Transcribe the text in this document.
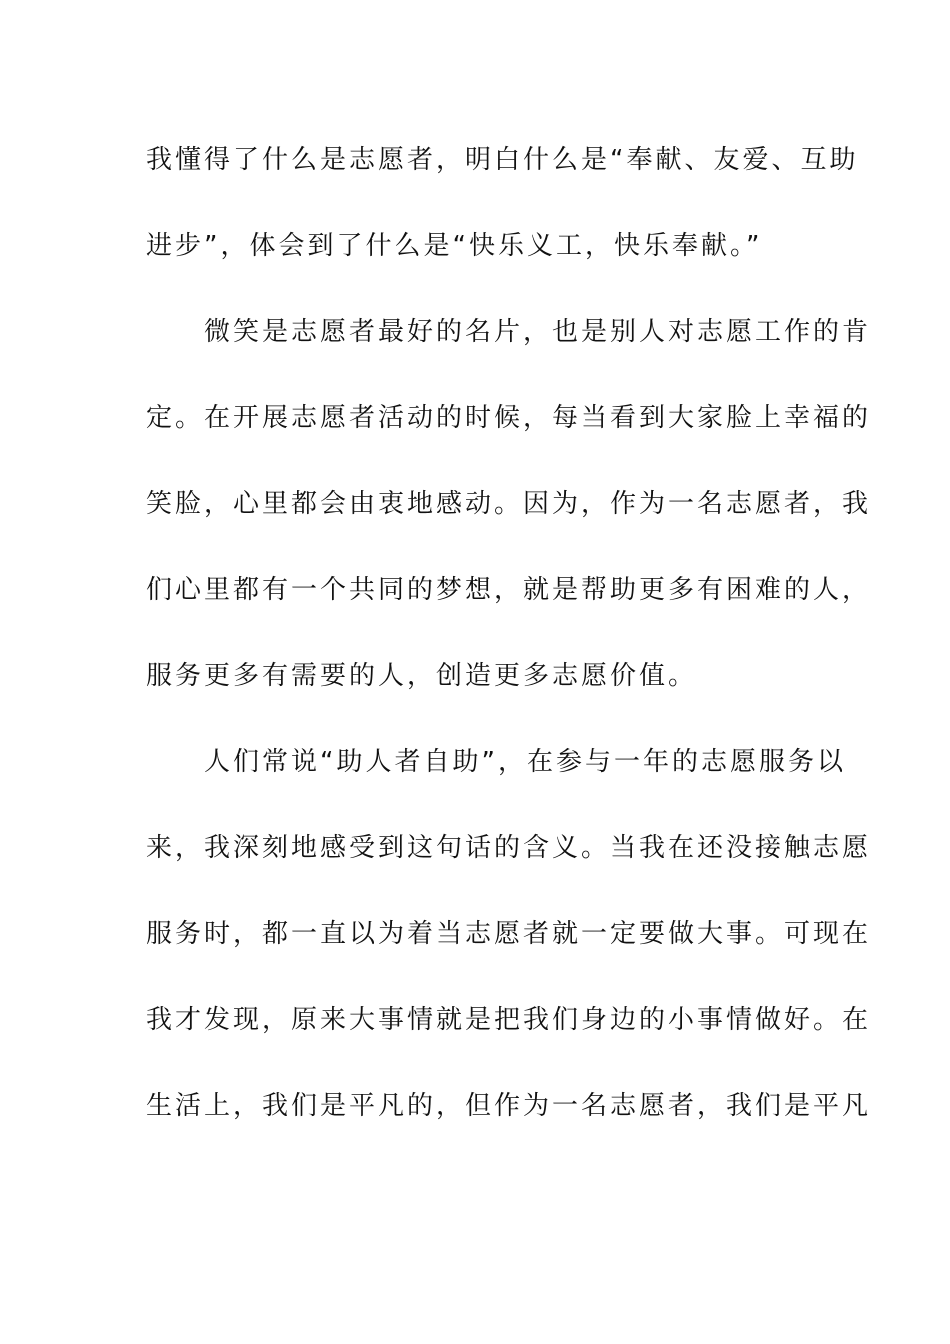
我懂得了什么是志愿者，明白什么是“奉献、友爱、互助
进步”，体会到了什么是“快乐义工，快乐奉献。”
　　微笑是志愿者最好的名片，也是别人对志愿工作的肯
定。在开展志愿者活动的时候，每当看到大家脸上幸福的
笑脸，心里都会由衷地感动。因为，作为一名志愿者，我
们心里都有一个共同的梦想，就是帮助更多有困难的人，
服务更多有需要的人，创造更多志愿价值。
　　人们常说“助人者自助”，在参与一年的志愿服务以
来，我深刻地感受到这句话的含义。当我在还没接触志愿
服务时，都一直以为着当志愿者就一定要做大事。可现在
我才发现，原来大事情就是把我们身边的小事情做好。在
生活上，我们是平凡的，但作为一名志愿者，我们是平凡
